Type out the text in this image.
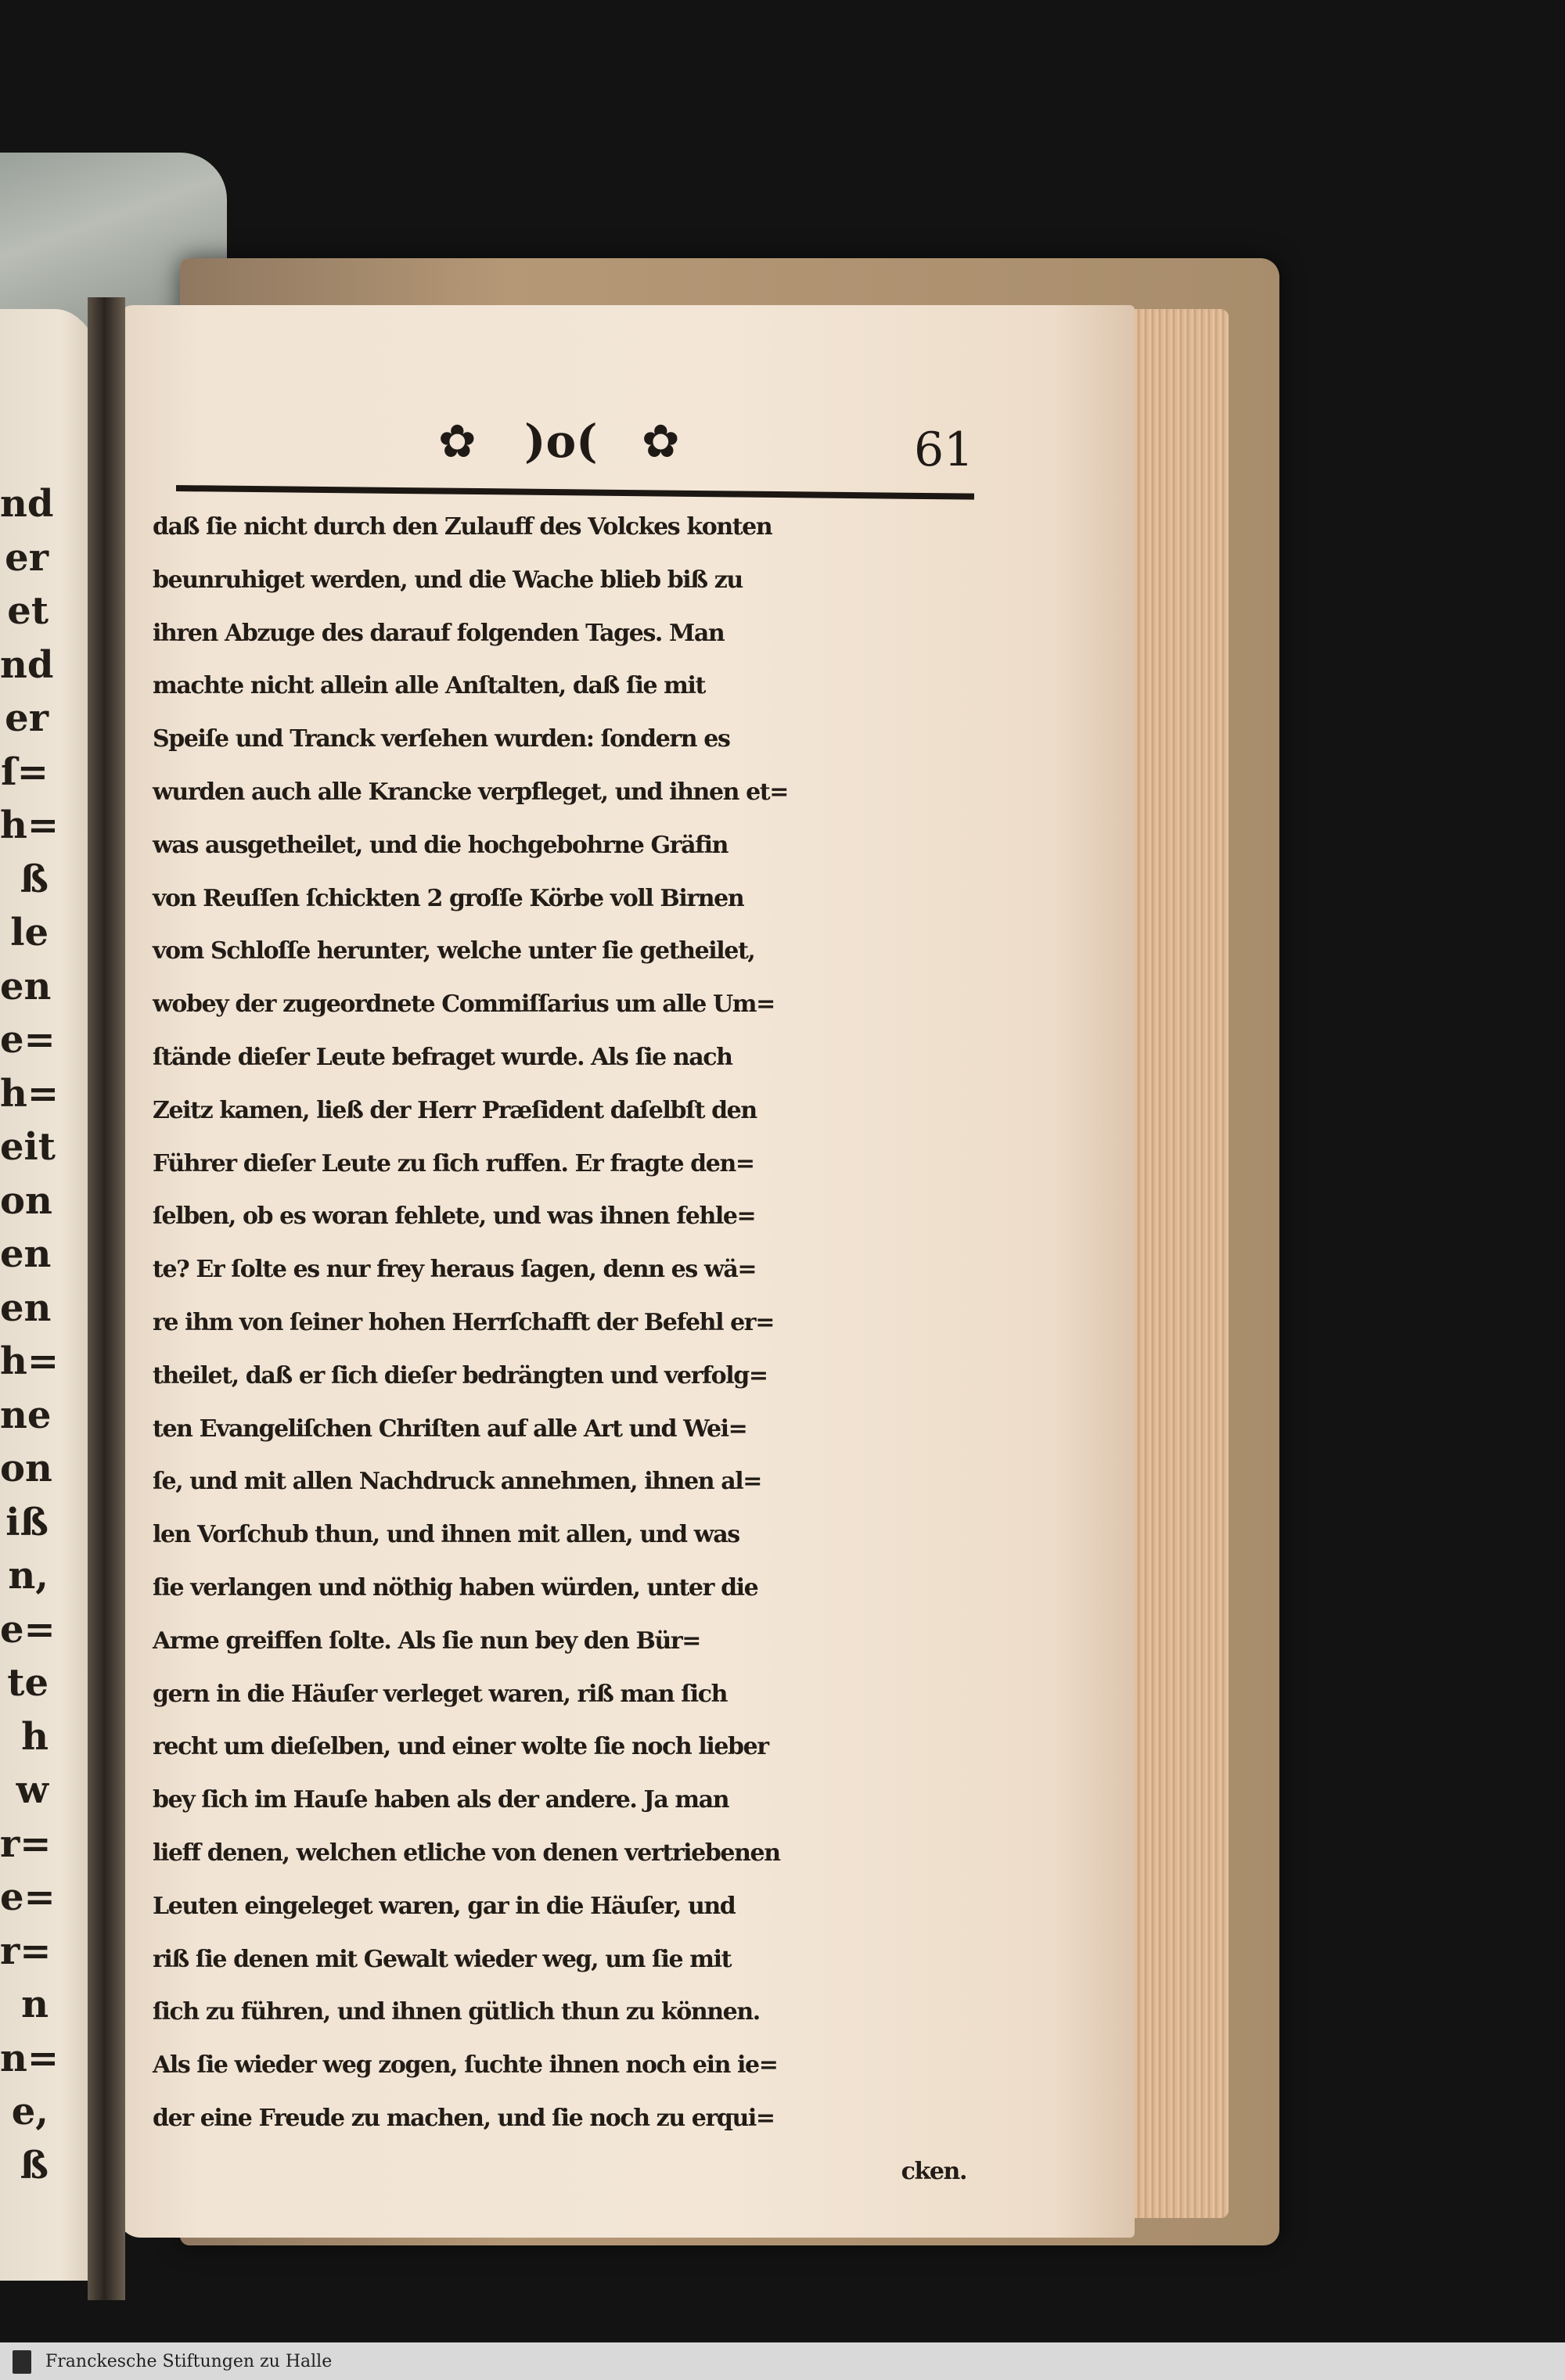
nd
er
et
nd
er
ſ=
h=
ß
le
en
e=
h=
eit
on
en
en
h=
ne
on
iß
n,
e=
te
h
w
r=
e=
r=
n
n=
e,
ß
✿ )o( ✿	61
daß ſie nicht durch den Zulauff des Volckes konten
beunruhiget werden, und die Wache blieb biß zu
ihren Abzuge des darauf folgenden Tages. Man
machte nicht allein alle Anſtalten, daß ſie mit
Speiſe und Tranck verſehen wurden: ſondern es
wurden auch alle Krancke verpfleget, und ihnen et=
was ausgetheilet, und die hochgebohrne Gräfin
von Reuſſen ſchickten 2 groſſe Körbe voll Birnen
vom Schloſſe herunter, welche unter ſie getheilet,
wobey der zugeordnete Commiſſarius um alle Um=
ſtände dieſer Leute befraget wurde. Als ſie nach
Zeitz kamen, ließ der Herr Præſident daſelbſt den
Führer dieſer Leute zu ſich ruffen. Er fragte den=
ſelben, ob es woran fehlete, und was ihnen fehle=
te? Er ſolte es nur frey heraus ſagen, denn es wä=
re ihm von ſeiner hohen Herrſchafft der Befehl er=
theilet, daß er ſich dieſer bedrängten und verfolg=
ten Evangeliſchen Chriſten auf alle Art und Wei=
ſe, und mit allen Nachdruck annehmen, ihnen al=
len Vorſchub thun, und ihnen mit allen, und was
ſie verlangen und nöthig haben würden, unter die
Arme greiffen ſolte. Als ſie nun bey den Bür=
gern in die Häuſer verleget waren, riß man ſich
recht um dieſelben, und einer wolte ſie noch lieber
bey ſich im Hauſe haben als der andere. Ja man
lieff denen, welchen etliche von denen vertriebenen
Leuten eingeleget waren, gar in die Häuſer, und
riß ſie denen mit Gewalt wieder weg, um ſie mit
ſich zu führen, und ihnen gütlich thun zu können.
Als ſie wieder weg zogen, ſuchte ihnen noch ein ie=
der eine Freude zu machen, und ſie noch zu erqui=
cken.
Franckesche Stiftungen zu Halle
